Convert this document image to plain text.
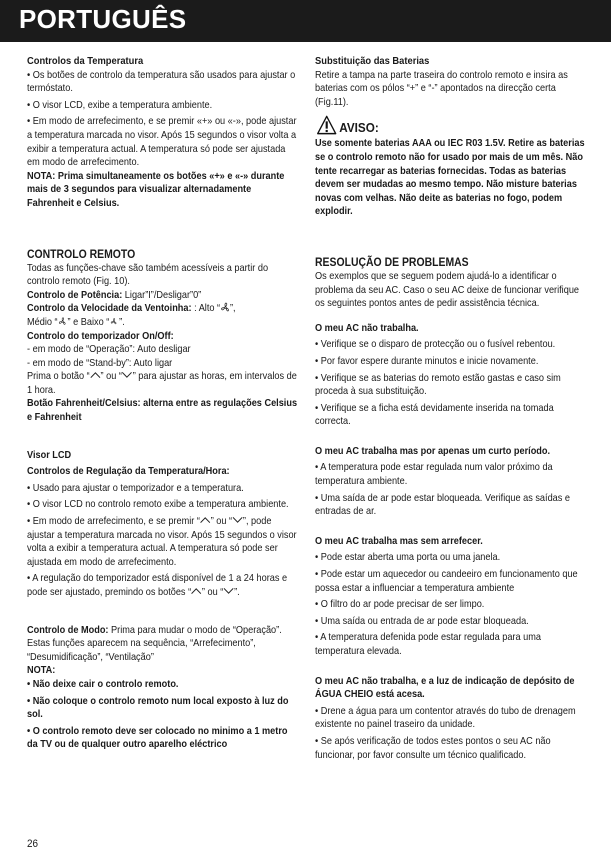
PORTUGUÊS

Controlos da Temperatura

• Os botões de controlo da temperatura são usados para ajustar o termóstato.

• O visor LCD, exibe a temperatura ambiente.

• Em modo de arrefecimento, e se premir «+» ou «-», pode ajustar a temperatura marcada no visor. Após 15 segundos o visor volta a exibir a temperatura actual. A temperatura só pode ser ajustada em modo de arrefecimento.

NOTA: Prima simultaneamente os botões «+» e «-» durante mais de 3 segundos para visualizar alternadamente Fahrenheit e Celsius.

CONTROLO REMOTO

Todas as funções-chave são também acessíveis a partir do controlo remoto (Fig. 10).

Controlo de Potência: Ligar”I”/Desligar”0”

Controlo da Velocidade da Ventoinha: : Alto “ ”,
Médio “ ” e Baixo “ ”.

Controlo do temporizador On/Off:

- em modo de “Operação”: Auto desligar

- em modo de “Stand-by”: Auto ligar

Prima o botão “ ” ou “ ” para ajustar as horas, em intervalos de 1 hora.

Botão Fahrenheit/Celsius: alterna entre as regulações Celsius e Fahrenheit

Visor LCD

Controlos de Regulação da Temperatura/Hora:

• Usado para ajustar o temporizador e a temperatura.

• O visor LCD no controlo remoto exibe a temperatura ambiente.

• Em modo de arrefecimento, e se premir “ ” ou “ ”, pode ajustar a temperatura marcada no visor. Após 15 segundos o visor volta a exibir a temperatura actual. A temperatura só pode ser ajustada em modo de arrefecimento.

• A regulação do temporizador está disponível de 1 a 24 horas e pode ser ajustado, premindo os botões “ ” ou “ ”.

Controlo de Modo: Prima para mudar o modo de “Operação”. Estas funções aparecem na sequência, “Arrefecimento”, “Desumidificação”, “Ventilação”

NOTA:

• Não deixe cair o controlo remoto.

• Não coloque o controlo remoto num local exposto à luz do sol.

• O controlo remoto deve ser colocado no minimo a 1 metro da TV ou de qualquer outro aparelho eléctrico

Substituição das Baterias

Retire a tampa na parte traseira do controlo remoto e insira as baterias com os pólos “+” e “-” apontados na direcção certa (Fig.11).

AVISO:

Use somente baterias AAA ou IEC R03 1.5V. Retire as baterias se o controlo remoto não for usado por mais de um mês. Não tente recarregar as baterias fornecidas. Todas as baterias devem ser mudadas ao mesmo tempo. Não misture baterias novas com velhas. Não deite as baterias no fogo, podem explodir.

RESOLUÇÃO DE PROBLEMAS

Os exemplos que se seguem podem ajudá-lo a identificar o problema da seu AC. Caso o seu AC deixe de funcionar verifique os seguintes pontos antes de pedir assistência técnica.

O meu AC não trabalha.

• Verifique se o disparo de protecção ou o fusível rebentou.

• Por favor espere durante minutos e inicie novamente.

• Verifique se as baterias do remoto estão gastas e caso sim proceda à sua substituição.

• Verifique se a ficha está devidamente inserida na tomada correcta.

O meu AC trabalha mas por apenas um curto período.

• A temperatura pode estar regulada num valor próximo da temperatura ambiente.

• Uma saída de ar pode estar bloqueada. Verifique as saídas e entradas de ar.

O meu AC trabalha mas sem arrefecer.

• Pode estar aberta uma porta ou uma janela.

• Pode estar um aquecedor ou candeeiro em funcionamento que possa estar a influenciar a temperatura ambiente

• O filtro do ar pode precisar de ser limpo.

• Uma saída ou entrada de ar pode estar bloqueada.

• A temperatura defenida pode estar regulada para uma temperatura elevada.

O meu AC não trabalha, e a luz de indicação de depósito de ÁGUA CHEIO está acesa.

• Drene a água para um contentor através do tubo de drenagem existente no painel traseiro da unidade.

• Se após verificação de todos estes pontos o seu AC não funcionar, por favor consulte um técnico qualificado.

26
